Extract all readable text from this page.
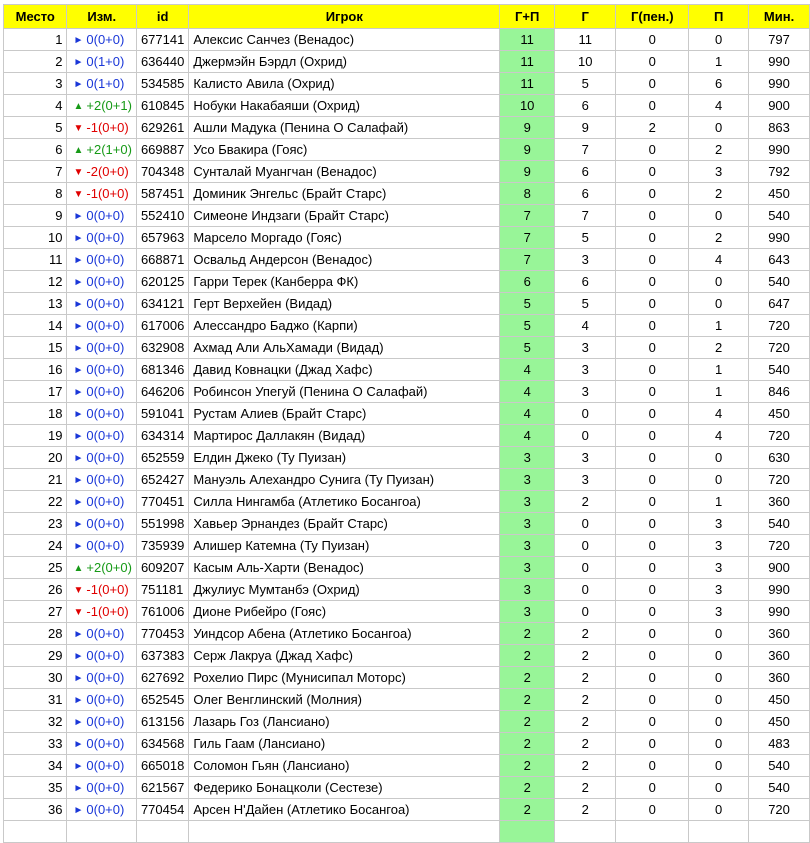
Место	Изм.	id	Игрок	Г+П	Г	Г(пен.)	П	Мин.
1	► 0(0+0)	677141	Алексис Санчез (Венадос)	11	11	0	0	797
2	► 0(1+0)	636440	Джермэйн Бэрдл (Охрид)	11	10	0	1	990
3	► 0(1+0)	534585	Калисто Авила (Охрид)	11	5	0	6	990
4	▲ +2(0+1)	610845	Нобуки Накабаяши (Охрид)	10	6	0	4	900
5	▼ -1(0+0)	629261	Ашли Мадука (Пенина О Салафай)	9	9	2	0	863
6	▲ +2(1+0)	669887	Усо Бвакира (Гояс)	9	7	0	2	990
7	▼ -2(0+0)	704348	Сунталай Муангчан (Венадос)	9	6	0	3	792
8	▼ -1(0+0)	587451	Доминик Энгельс (Брайт Старс)	8	6	0	2	450
9	► 0(0+0)	552410	Симеоне Индзаги (Брайт Старс)	7	7	0	0	540
10	► 0(0+0)	657963	Марсело Моргадо (Гояс)	7	5	0	2	990
11	► 0(0+0)	668871	Освальд Андерсон (Венадос)	7	3	0	4	643
12	► 0(0+0)	620125	Гарри Терек (Канберра ФК)	6	6	0	0	540
13	► 0(0+0)	634121	Герт Верхейен (Видад)	5	5	0	0	647
14	► 0(0+0)	617006	Алессандро Баджо (Карпи)	5	4	0	1	720
15	► 0(0+0)	632908	Ахмад Али АльХамади (Видад)	5	3	0	2	720
16	► 0(0+0)	681346	Давид Ковнацки (Джад Хафс)	4	3	0	1	540
17	► 0(0+0)	646206	Робинсон Упегуй (Пенина О Салафай)	4	3	0	1	846
18	► 0(0+0)	591041	Рустам Алиев (Брайт Старс)	4	0	0	4	450
19	► 0(0+0)	634314	Мартирос Даллакян (Видад)	4	0	0	4	720
20	► 0(0+0)	652559	Елдин Джеко (Ту Пуизан)	3	3	0	0	630
21	► 0(0+0)	652427	Мануэль Алехандро Сунига (Ту Пуизан)	3	3	0	0	720
22	► 0(0+0)	770451	Силла Нингамба (Атлетико Босангоа)	3	2	0	1	360
23	► 0(0+0)	551998	Хавьер Эрнандез (Брайт Старс)	3	0	0	3	540
24	► 0(0+0)	735939	Алишер Катемна (Ту Пуизан)	3	0	0	3	720
25	▲ +2(0+0)	609207	Касым Аль-Харти (Венадос)	3	0	0	3	900
26	▼ -1(0+0)	751181	Джулиус Мумтанбэ (Охрид)	3	0	0	3	990
27	▼ -1(0+0)	761006	Дионе Рибейро (Гояс)	3	0	0	3	990
28	► 0(0+0)	770453	Уиндсор Абена (Атлетико Босангоа)	2	2	0	0	360
29	► 0(0+0)	637383	Серж Лакруа (Джад Хафс)	2	2	0	0	360
30	► 0(0+0)	627692	Рохелио Пирс (Мунисипал Моторс)	2	2	0	0	360
31	► 0(0+0)	652545	Олег Венглинский (Молния)	2	2	0	0	450
32	► 0(0+0)	613156	Лазарь Гоз (Лансиано)	2	2	0	0	450
33	► 0(0+0)	634568	Гиль Гаам (Лансиано)	2	2	0	0	483
34	► 0(0+0)	665018	Соломон Гьян (Лансиано)	2	2	0	0	540
35	► 0(0+0)	621567	Федерико Бонацколи (Сестезе)	2	2	0	0	540
36	► 0(0+0)	770454	Арсен Н'Дайен (Атлетико Босангоа)	2	2	0	0	720
